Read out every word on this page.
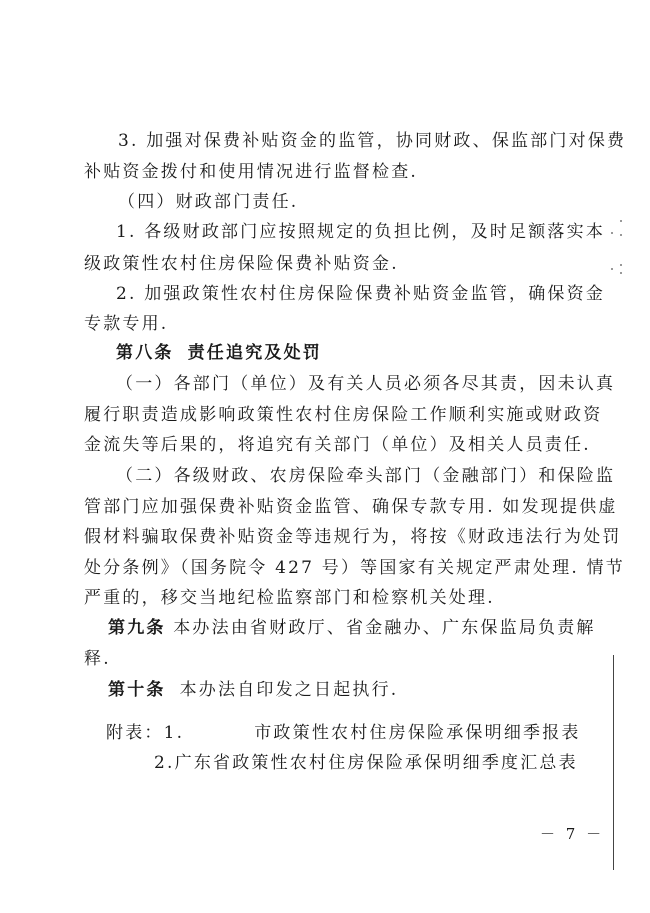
3. 加强对保费补贴资金的监管，协同财政、保监部门对保费
补贴资金拨付和使用情况进行监督检查.
（四）财政部门责任.
1. 各级财政部门应按照规定的负担比例，及时足额落实本
级政策性农村住房保险保费补贴资金.
2. 加强政策性农村住房保险保费补贴资金监管，确保资金
专款专用.
第八条 责任追究及处罚
（一）各部门（单位）及有关人员必须各尽其责，因未认真
履行职责造成影响政策性农村住房保险工作顺利实施或财政资
金流失等后果的，将追究有关部门（单位）及相关人员责任.
（二）各级财政、农房保险牵头部门（金融部门）和保险监
管部门应加强保费补贴资金监管、确保专款专用. 如发现提供虚
假材料骗取保费补贴资金等违规行为，将按《财政违法行为处罚
处分条例》（国务院令 427 号）等国家有关规定严肃处理. 情节
严重的，移交当地纪检监察部门和检察机关处理.
第九条 本办法由省财政厅、省金融办、广东保监局负责解
释.
第十条 本办法自印发之日起执行.
附表：1.	市政策性农村住房保险承保明细季报表
2.广东省政策性农村住房保险承保明细季度汇总表
－ 7 －
